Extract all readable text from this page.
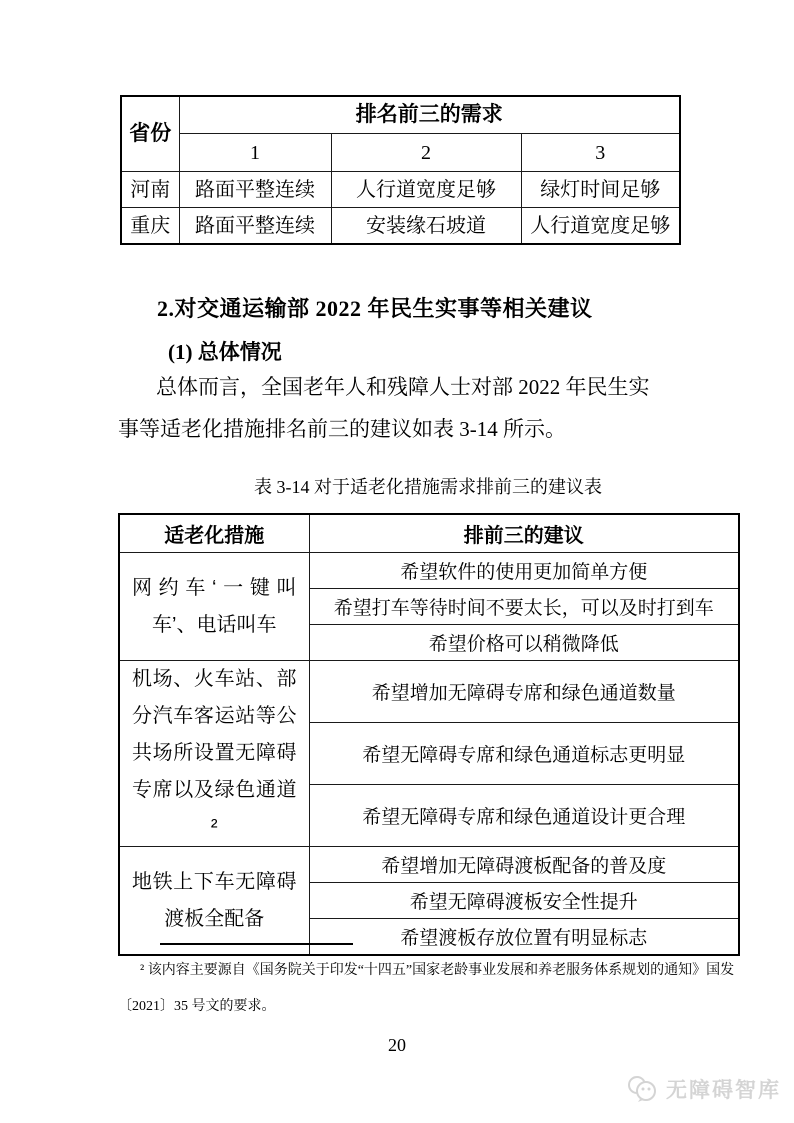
省份	排名前三的需求		
	1	2	3
河南	路面平整连续	人行道宽度足够	绿灯时间足够
重庆	路面平整连续	安装缘石坡道	人行道宽度足够
2.对交通运输部 2022 年民生实事等相关建议
(1) 总体情况
总体而言，全国老年人和残障人士对部 2022 年民生实
事等适老化措施排名前三的建议如表 3-14 所示。
表 3-14 对于适老化措施需求排前三的建议表
适老化措施	排前三的建议
网约车‘一键叫车’、电话叫车	希望软件的使用更加简单方便
	希望打车等待时间不要太长，可以及时打到车
	希望价格可以稍微降低
机场、火车站、部分汽车客运站等公共场所设置无障碍专席以及绿色通道²	希望增加无障碍专席和绿色通道数量
	希望无障碍专席和绿色通道标志更明显
	希望无障碍专席和绿色通道设计更合理
地铁上下车无障碍渡板全配备	希望增加无障碍渡板配备的普及度
	希望无障碍渡板安全性提升
	希望渡板存放位置有明显标志
² 该内容主要源自《国务院关于印发“十四五”国家老龄事业发展和养老服务体系规划的通知》国发
〔2021〕35 号文的要求。
20
无障碍智库
